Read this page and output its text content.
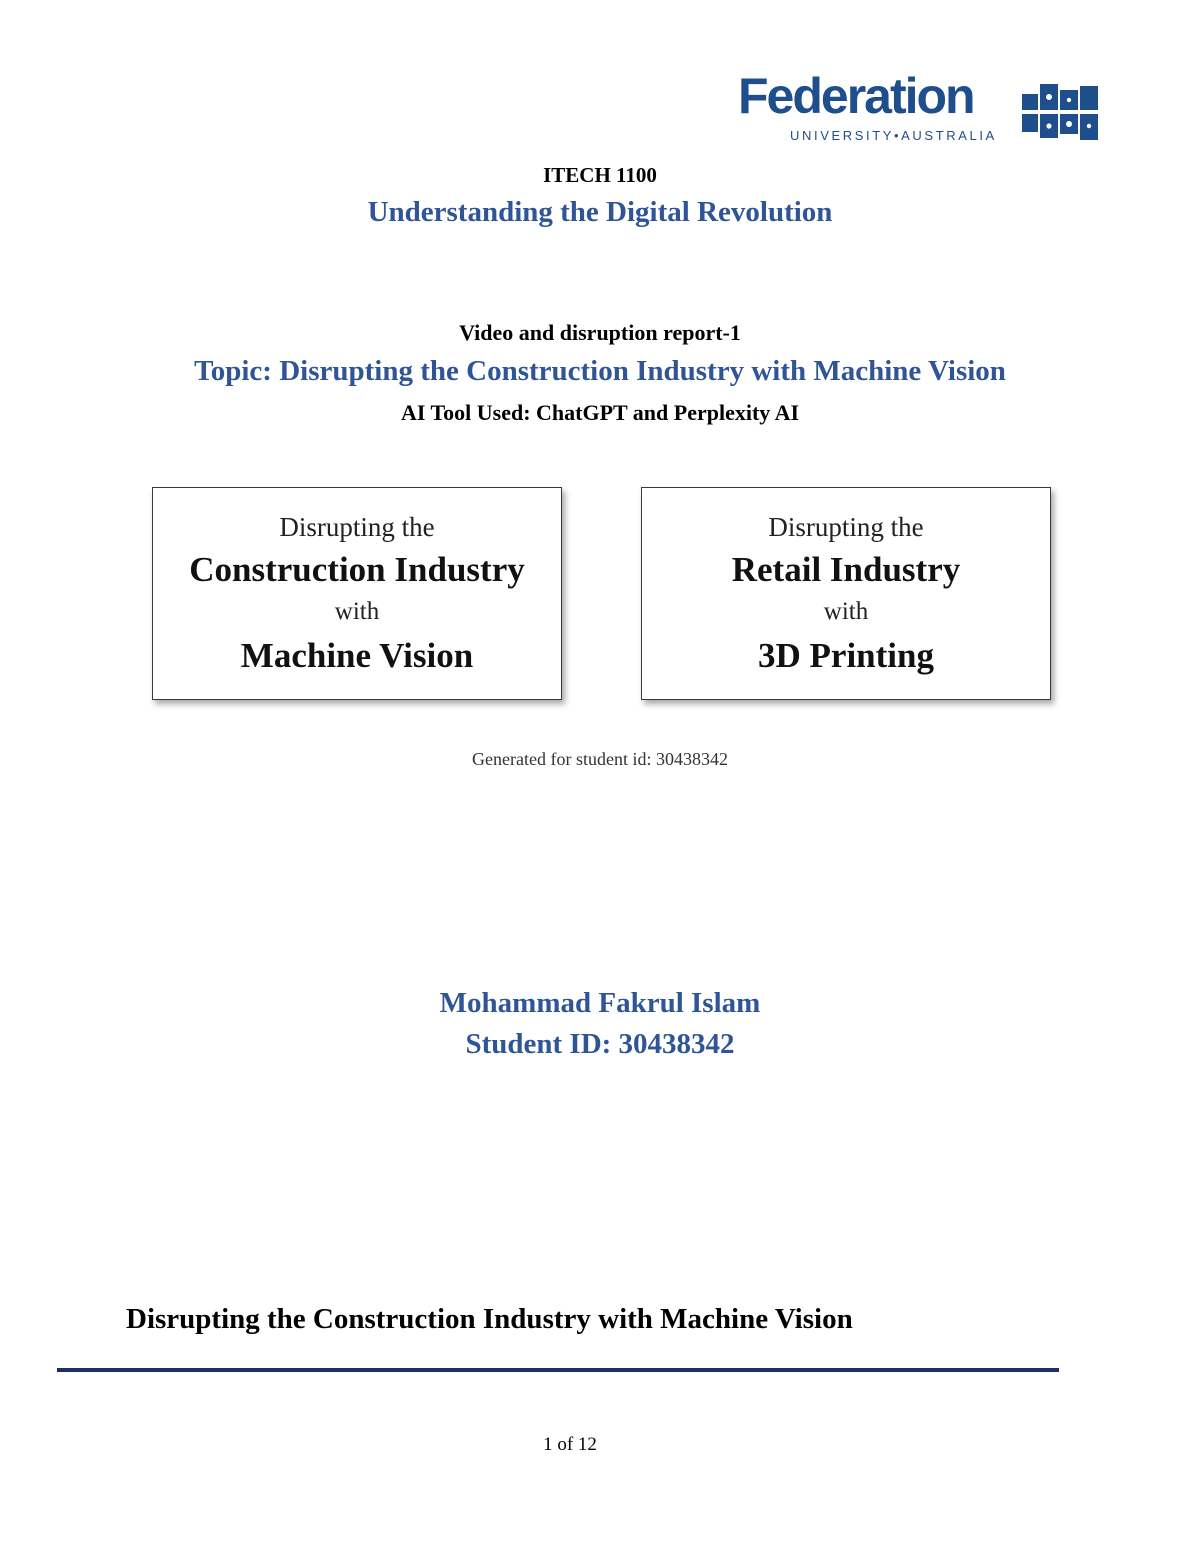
Federation
UNIVERSITY•AUSTRALIA
ITECH 1100
Understanding the Digital Revolution
Video and disruption report-1
Topic: Disrupting the Construction Industry with Machine Vision
AI Tool Used: ChatGPT and Perplexity AI
Disrupting the
Construction Industry
with
Machine Vision
Disrupting the
Retail Industry
with
3D Printing
Generated for student id: 30438342
Mohammad Fakrul Islam
Student ID: 30438342
Disrupting the Construction Industry with Machine Vision
1 of 12
